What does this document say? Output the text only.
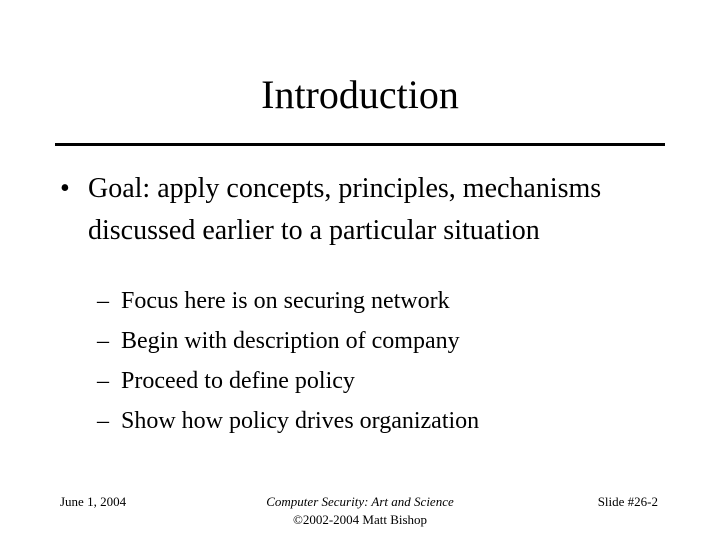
Introduction
• Goal: apply concepts, principles, mechanisms discussed earlier to a particular situation
– Focus here is on securing network
– Begin with description of company
– Proceed to define policy
– Show how policy drives organization
June 1, 2004	Computer Security: Art and Science
©2002-2004 Matt Bishop
Slide #26-2
